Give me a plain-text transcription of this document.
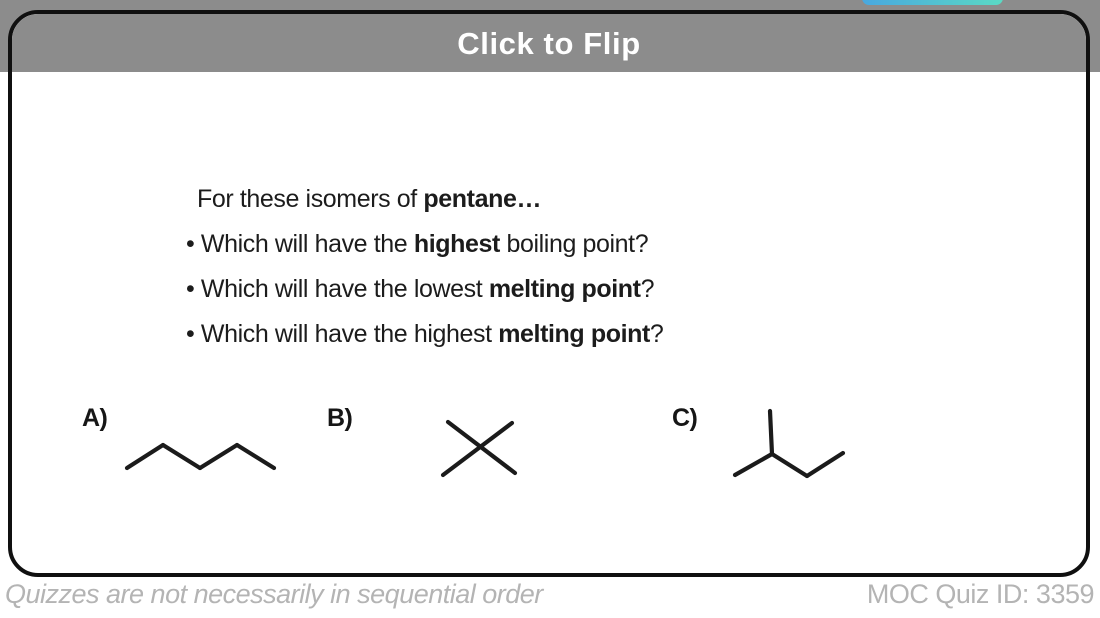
Click to Flip
For these isomers of pentane…
• Which will have the highest boiling point?
• Which will have the lowest melting point?
• Which will have the highest melting point?
A)	B)	C)
Quizzes are not necessarily in sequential order	MOC Quiz ID: 3359
